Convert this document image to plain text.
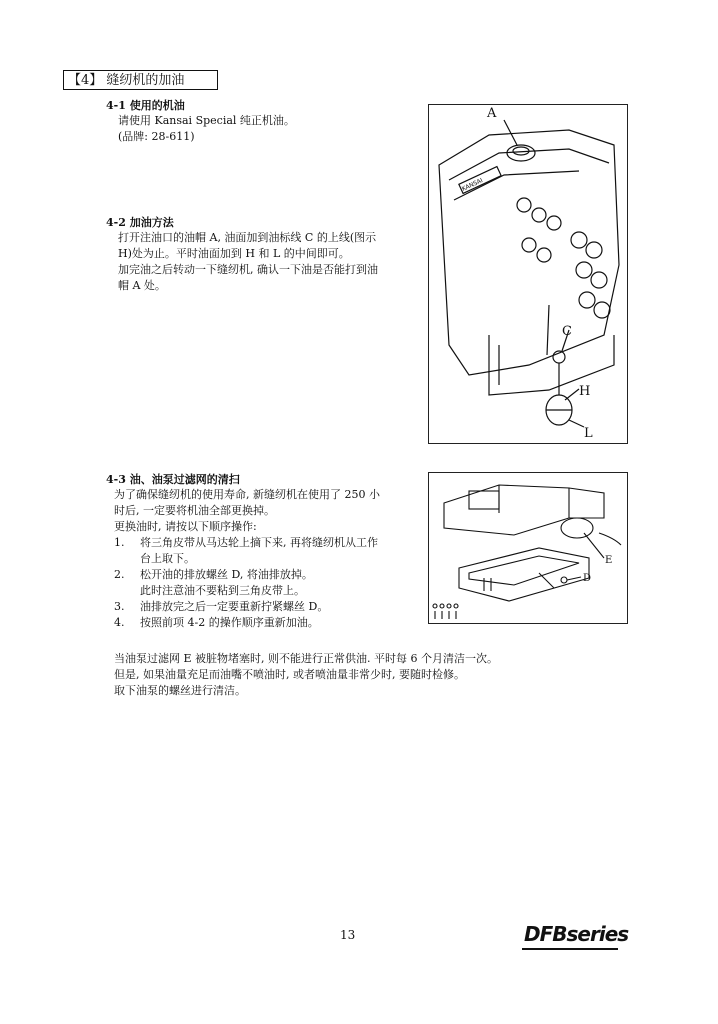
【4】 缝纫机的加油
4-1 使用的机油
请使用 Kansai Special 纯正机油。
(品牌: 28-611)
4-2 加油方法
打开注油口的油帽 A, 油面加到油标线 C 的上线(图示
H)处为止。平时油面加到 H 和 L 的中间即可。
加完油之后转动一下缝纫机, 确认一下油是否能打到油
帽 A 处。
A
C
H
L
KANSAI
4-3 油、油泵过滤网的清扫
为了确保缝纫机的使用寿命, 新缝纫机在使用了 250 小
时后, 一定要将机油全部更换掉。
更换油时, 请按以下顺序操作:
1. 将三角皮带从马达轮上摘下来, 再将缝纫机从工作
台上取下。
2. 松开油的排放螺丝 D, 将油排放掉。
此时注意油不要粘到三角皮带上。
3. 油排放完之后一定要重新拧紧螺丝 D。
4. 按照前项 4-2 的操作顺序重新加油。
E
D
当油泵过滤网 E 被脏物堵塞时, 则不能进行正常供油. 平时每 6 个月清洁一次。
但是, 如果油量充足而油嘴不喷油时, 或者喷油量非常少时, 要随时检修。
取下油泵的螺丝进行清洁。
13	DFBseries
